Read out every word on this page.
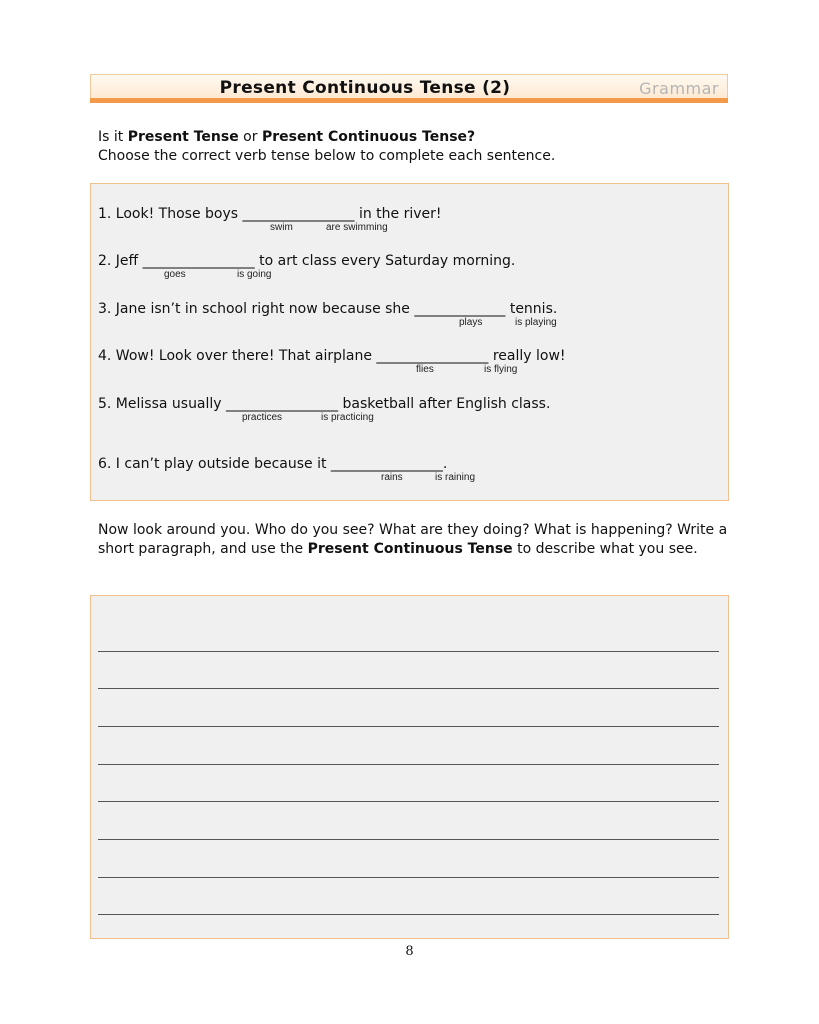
Present Continuous Tense (2)	Grammar
Is it Present Tense or Present Continuous Tense?
Choose the correct verb tense below to complete each sentence.
1. Look! Those boys ________________ in the river!
swim	are swimming
2. Jeff ________________ to art class every Saturday morning.
goes	is going
3. Jane isn’t in school right now because she _____________ tennis.
plays	is playing
4. Wow! Look over there! That airplane ________________ really low!
flies	is flying
5. Melissa usually ________________ basketball after English class.
practices	is practicing
6. I can’t play outside because it ________________.
rains	is raining
Now look around you. Who do you see? What are they doing? What is happening? Write a short paragraph, and use the Present Continuous Tense to describe what you see.
8
